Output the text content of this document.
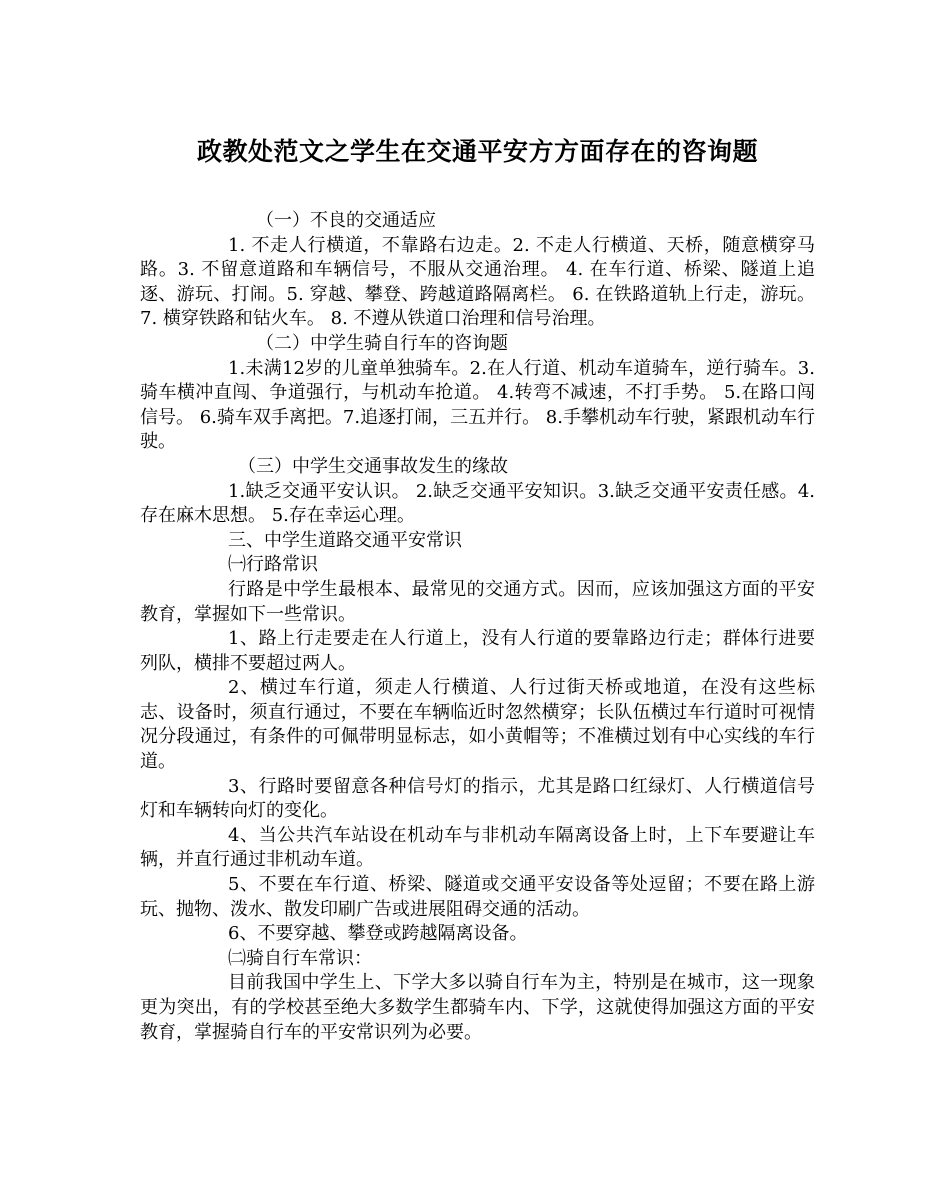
政教处范文之学生在交通平安方方面存在的咨询题

（一）不良的交通适应

1. 不走人行横道，不靠路右边走。2. 不走人行横道、天桥，随意横穿马路。3. 不留意道路和车辆信号，不服从交通治理。 4. 在车行道、桥梁、隧道上追逐、游玩、打闹。5. 穿越、攀登、跨越道路隔离栏。 6. 在铁路道轨上行走，游玩。7. 横穿铁路和钻火车。 8. 不遵从铁道口治理和信号治理。

（二）中学生骑自行车的咨询题

1.未满12岁的儿童单独骑车。2.在人行道、机动车道骑车，逆行骑车。3.骑车横冲直闯、争道强行，与机动车抢道。 4.转弯不减速，不打手势。 5.在路口闯信号。 6.骑车双手离把。7.追逐打闹，三五并行。 8.手攀机动车行驶，紧跟机动车行驶。

（三）中学生交通事故发生的缘故

1.缺乏交通平安认识。 2.缺乏交通平安知识。3.缺乏交通平安责任感。4.存在麻木思想。 5.存在幸运心理。

三、中学生道路交通平安常识

㈠行路常识

行路是中学生最根本、最常见的交通方式。因而，应该加强这方面的平安教育，掌握如下一些常识。

1、路上行走要走在人行道上，没有人行道的要靠路边行走；群体行进要列队，横排不要超过两人。

2、横过车行道，须走人行横道、人行过街天桥或地道，在没有这些标志、设备时，须直行通过，不要在车辆临近时忽然横穿；长队伍横过车行道时可视情况分段通过，有条件的可佩带明显标志，如小黄帽等；不准横过划有中心实线的车行道。

3、行路时要留意各种信号灯的指示，尤其是路口红绿灯、人行横道信号灯和车辆转向灯的变化。

4、当公共汽车站设在机动车与非机动车隔离设备上时，上下车要避让车辆，并直行通过非机动车道。

5、不要在车行道、桥梁、隧道或交通平安设备等处逗留；不要在路上游玩、抛物、泼水、散发印刷广告或进展阻碍交通的活动。

6、不要穿越、攀登或跨越隔离设备。

㈡骑自行车常识：

目前我国中学生上、下学大多以骑自行车为主，特别是在城市，这一现象更为突出，有的学校甚至绝大多数学生都骑车内、下学，这就使得加强这方面的平安教育，掌握骑自行车的平安常识列为必要。
